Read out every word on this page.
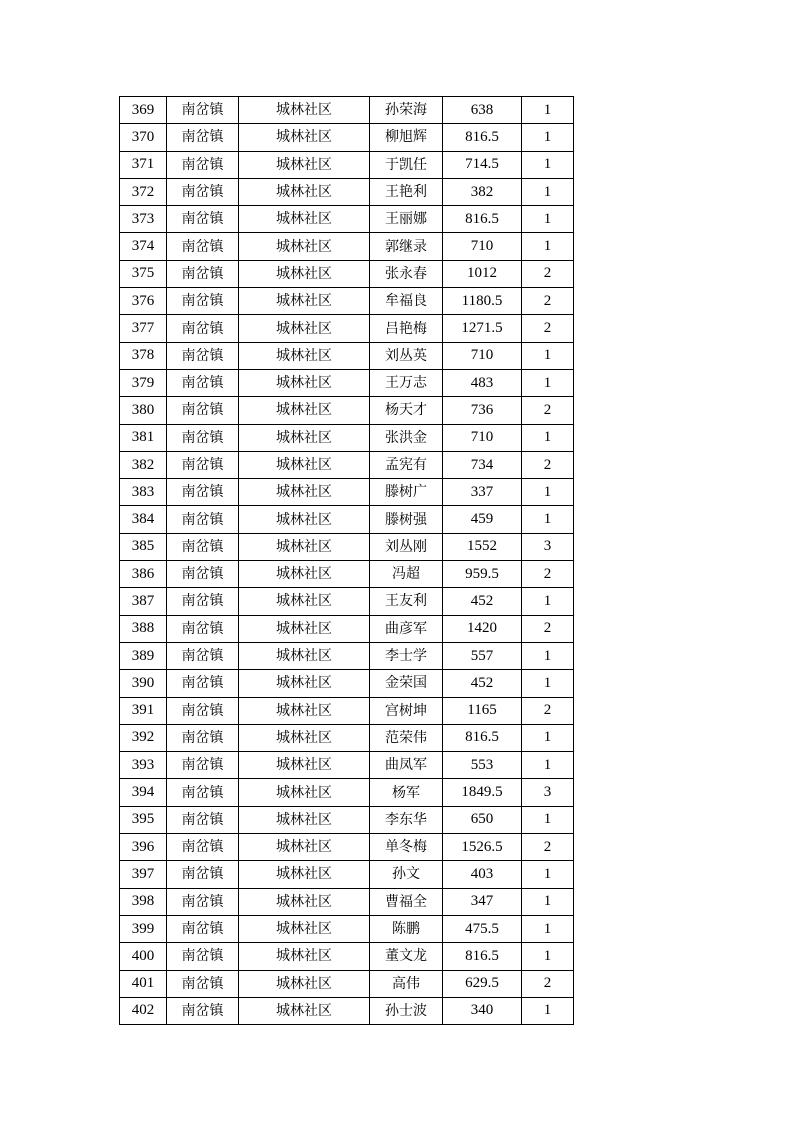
369	南岔镇	城林社区	孙荣海	638	1
370	南岔镇	城林社区	柳旭辉	816.5	1
371	南岔镇	城林社区	于凯任	714.5	1
372	南岔镇	城林社区	王艳利	382	1
373	南岔镇	城林社区	王丽娜	816.5	1
374	南岔镇	城林社区	郭继录	710	1
375	南岔镇	城林社区	张永春	1012	2
376	南岔镇	城林社区	牟福良	1180.5	2
377	南岔镇	城林社区	吕艳梅	1271.5	2
378	南岔镇	城林社区	刘丛英	710	1
379	南岔镇	城林社区	王万志	483	1
380	南岔镇	城林社区	杨天才	736	2
381	南岔镇	城林社区	张洪金	710	1
382	南岔镇	城林社区	孟宪有	734	2
383	南岔镇	城林社区	滕树广	337	1
384	南岔镇	城林社区	滕树强	459	1
385	南岔镇	城林社区	刘丛刚	1552	3
386	南岔镇	城林社区	冯超	959.5	2
387	南岔镇	城林社区	王友利	452	1
388	南岔镇	城林社区	曲彦军	1420	2
389	南岔镇	城林社区	李士学	557	1
390	南岔镇	城林社区	金荣国	452	1
391	南岔镇	城林社区	宫树坤	1165	2
392	南岔镇	城林社区	范荣伟	816.5	1
393	南岔镇	城林社区	曲凤军	553	1
394	南岔镇	城林社区	杨军	1849.5	3
395	南岔镇	城林社区	李东华	650	1
396	南岔镇	城林社区	单冬梅	1526.5	2
397	南岔镇	城林社区	孙文	403	1
398	南岔镇	城林社区	曹福全	347	1
399	南岔镇	城林社区	陈鹏	475.5	1
400	南岔镇	城林社区	董文龙	816.5	1
401	南岔镇	城林社区	高伟	629.5	2
402	南岔镇	城林社区	孙士波	340	1
